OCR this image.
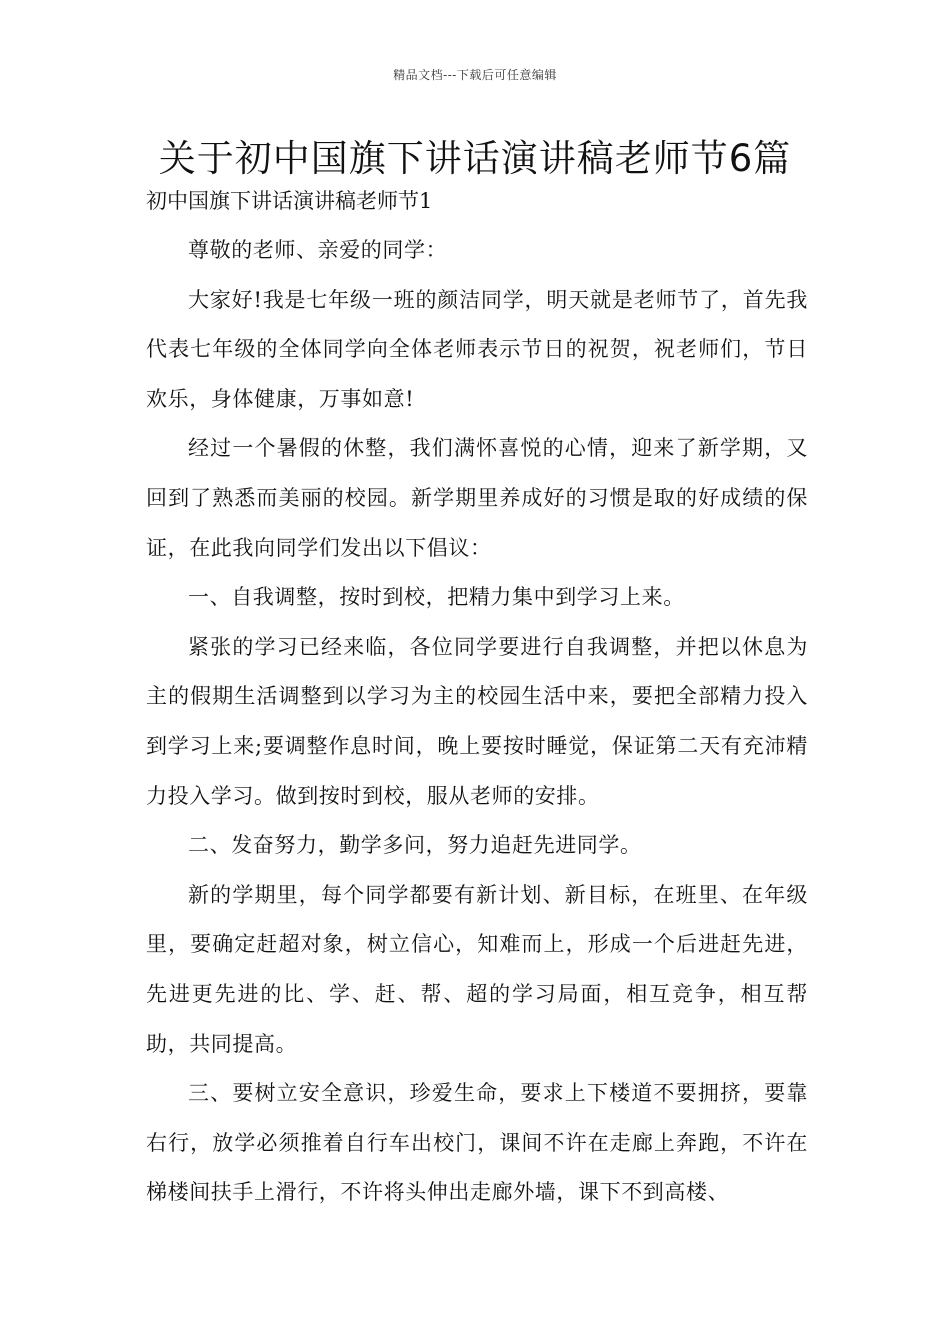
精品文档---下载后可任意编辑
关于初中国旗下讲话演讲稿老师节6篇
初中国旗下讲话演讲稿老师节1

尊敬的老师、亲爱的同学：

大家好!我是七年级一班的颜洁同学，明天就是老师节了，首先我代表七年级的全体同学向全体老师表示节日的祝贺，祝老师们，节日欢乐，身体健康，万事如意!

经过一个暑假的休整，我们满怀喜悦的心情，迎来了新学期，又回到了熟悉而美丽的校园。新学期里养成好的习惯是取的好成绩的保证，在此我向同学们发出以下倡议：

一、自我调整，按时到校，把精力集中到学习上来。

紧张的学习已经来临，各位同学要进行自我调整，并把以休息为主的假期生活调整到以学习为主的校园生活中来，要把全部精力投入到学习上来;要调整作息时间，晚上要按时睡觉，保证第二天有充沛精力投入学习。做到按时到校，服从老师的安排。

二、发奋努力，勤学多问，努力追赶先进同学。

新的学期里，每个同学都要有新计划、新目标，在班里、在年级里，要确定赶超对象，树立信心，知难而上，形成一个后进赶先进，先进更先进的比、学、赶、帮、超的学习局面，相互竞争，相互帮助，共同提高。

三、要树立安全意识，珍爱生命，要求上下楼道不要拥挤，要靠右行，放学必须推着自行车出校门，课间不许在走廊上奔跑，不许在梯楼间扶手上滑行，不许将头伸出走廊外墙，课下不到高楼、
